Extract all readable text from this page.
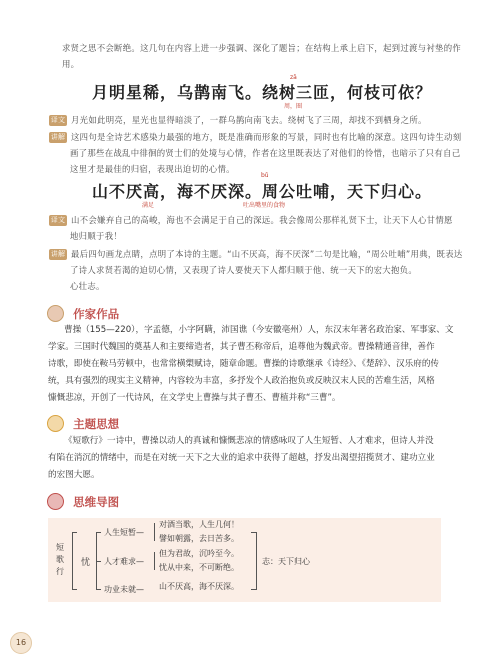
求贤之思不会断绝。这几句在内容上进一步强调、深化了题旨；在结构上承上启下，起到过渡与衬垫的作
用。
zā
月明星稀，乌鹊南飞。绕树三匝，何枝可依？
周，圈
译文 月光如此明亮，星光也显得暗淡了，一群乌鹊向南飞去。绕树飞了三周，却找不到栖身之所。
讲解 这四句是全诗艺术感染力最强的地方，既是准确而形象的写景，同时也有比喻的深意。这四句诗生动刻
画了那些在战乱中徘徊的贤士们的处境与心情，作者在这里既表达了对他们的怜惜，也暗示了只有自己
这里才是最佳的归宿，表现出迫切的心情。
bǔ
山不厌高，海不厌深。周公吐哺，天下归心。
满足	吐出嘴里的食物
译文 山不会嫌弃自己的高峻，海也不会满足于自己的深远。我会像周公那样礼贤下士，让天下人心甘情愿
地归顺于我！
讲解 最后四句画龙点睛，点明了本诗的主题。“山不厌高，海不厌深”二句是比喻，“周公吐哺”用典，既表达
了诗人求贤若渴的迫切心情，又表现了诗人要使天下人都归顺于他、统一天下的宏大抱负。
心壮志。
作家作品
曹操（155—220），字孟德，小字阿瞒，沛国谯（今安徽亳州）人，东汉末年著名政治家、军事家、文
学家。三国时代魏国的奠基人和主要缔造者，其子曹丕称帝后，追尊他为魏武帝。曹操精通音律，善作
诗歌，即使在鞍马劳顿中，也常常横槊赋诗，随章命题。曹操的诗歌继承《诗经》、《楚辞》、汉乐府的传
统，具有强烈的现实主义精神，内容较为丰富，多抒发个人政治抱负或反映汉末人民的苦难生活，风格
慷慨悲凉，开创了一代诗风，在文学史上曹操与其子曹丕、曹植并称“三曹”。
主题思想
《短歌行》一诗中，曹操以动人的真诚和慷慨悲凉的情感咏叹了人生短暂、人才难求，但诗人并没
有陷在消沉的情绪中，而是在对统一天下之大业的追求中获得了超越，抒发出渴望招揽贤才、建功立业
的宏图大愿。
思维导图
短歌行
忧
人生短暂—
人才难求—
功业未就—
对酒当歌，人生几何！
譬如朝露，去日苦多。
但为君故，沉吟至今。
忧从中来，不可断绝。
山不厌高，海不厌深。
志：天下归心
16
